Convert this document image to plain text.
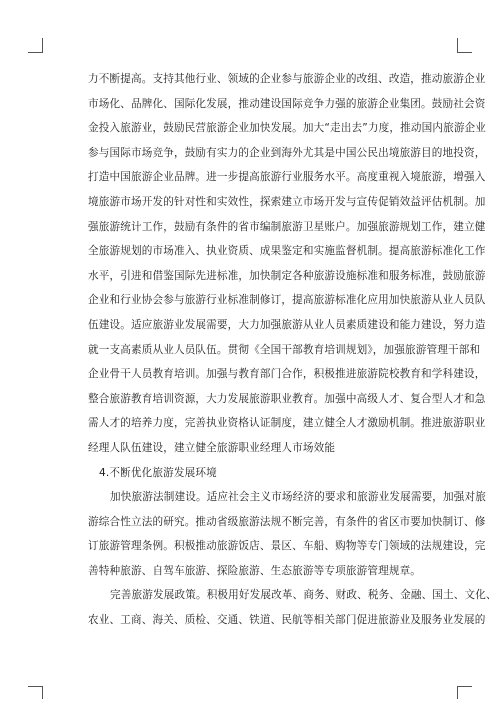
力不断提高。支持其他行业、领域的企业参与旅游企业的改组、改造，推动旅游企业
市场化、品牌化、国际化发展，推动建设国际竞争力强的旅游企业集团。鼓励社会资
金投入旅游业，鼓励民营旅游企业加快发展。加大“走出去”力度，推动国内旅游企业
参与国际市场竞争，鼓励有实力的企业到海外尤其是中国公民出境旅游目的地投资，
打造中国旅游企业品牌。进一步提高旅游行业服务水平。高度重视入境旅游，增强入
境旅游市场开发的针对性和实效性，探索建立市场开发与宣传促销效益评估机制。加
强旅游统计工作，鼓励有条件的省市编制旅游卫星账户。加强旅游规划工作，建立健
全旅游规划的市场准入、执业资质、成果鉴定和实施监督机制。提高旅游标准化工作
水平，引进和借鉴国际先进标准，加快制定各种旅游设施标准和服务标准，鼓励旅游
企业和行业协会参与旅游行业标准制修订，提高旅游标准化应用加快旅游从业人员队
伍建设。适应旅游业发展需要，大力加强旅游从业人员素质建设和能力建设，努力造
就一支高素质从业人员队伍。贯彻《全国干部教育培训规划》，加强旅游管理干部和
企业骨干人员教育培训。加强与教育部门合作，积极推进旅游院校教育和学科建设，
整合旅游教育培训资源，大力发展旅游职业教育。加强中高级人才、复合型人才和急
需人才的培养力度，完善执业资格认证制度，建立健全人才激励机制。推进旅游职业
经理人队伍建设，建立健全旅游职业经理人市场效能
4.不断优化旅游发展环境
加快旅游法制建设。适应社会主义市场经济的要求和旅游业发展需要，加强对旅
游综合性立法的研究。推动省级旅游法规不断完善，有条件的省区市要加快制订、修
订旅游管理条例。积极推动旅游饭店、景区、车船、购物等专门领域的法规建设，完
善特种旅游、自驾车旅游、探险旅游、生态旅游等专项旅游管理规章。
完善旅游发展政策。积极用好发展改革、商务、财政、税务、金融、国土、文化、
农业、工商、海关、质检、交通、铁道、民航等相关部门促进旅游业及服务业发展的
